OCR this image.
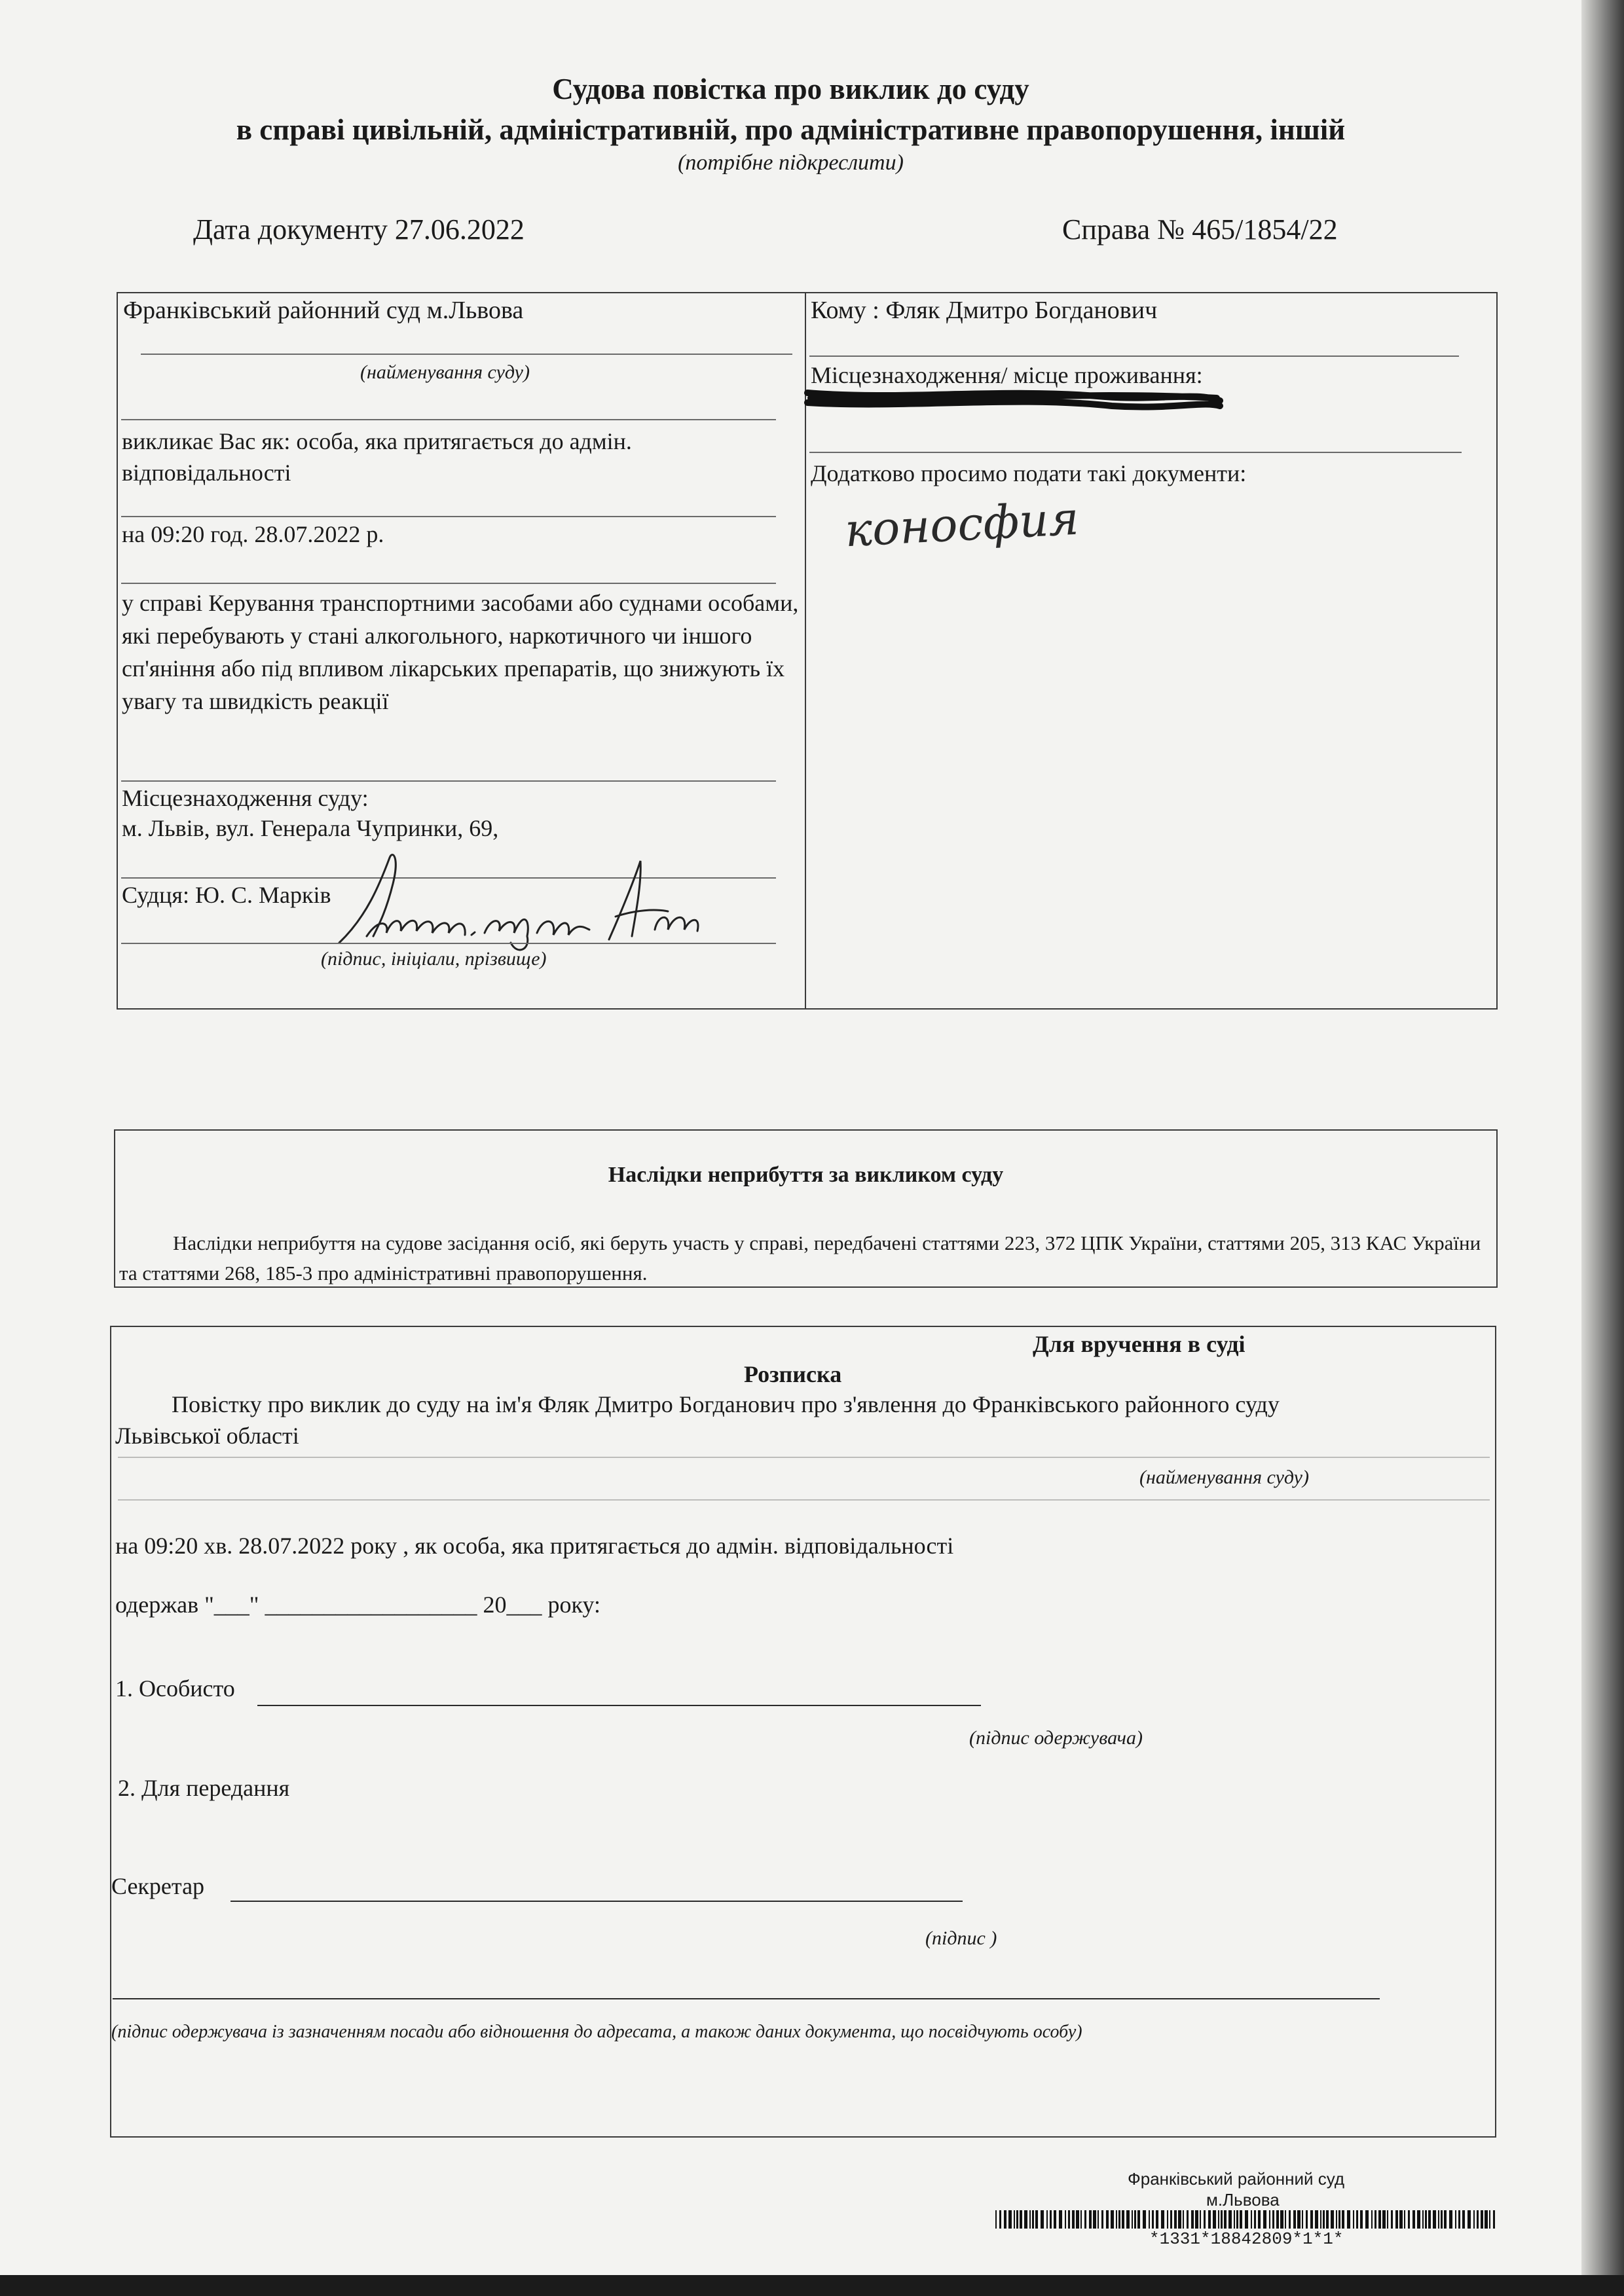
Судова повістка про виклик до суду
в справі цивільній, адміністративній, про адміністративне правопорушення, іншій
(потрібне підкреслити)
Дата документу 27.06.2022	Справа № 465/1854/22
Франківський районний суд м.Львова
(найменування суду)
викликає Вас як: особа, яка притягається до адмін. відповідальності
на 09:20 год. 28.07.2022 р.
у справі Керування транспортними засобами або суднами особами, які перебувають у стані алкогольного, наркотичного чи іншого сп'яніння або під впливом лікарських препаратів, що знижують їх увагу та швидкість реакції
Місцезнаходження суду:
м. Львів, вул. Генерала Чупринки, 69,
Судця: Ю. С. Марків
(підпис, ініціали, прізвище)
Кому : Фляк Дмитро Богданович
Місцезнаходження/ місце проживання:
Додатково просимо подати такі документи:
коносфия
Наслідки неприбуття за викликом суду
Наслідки неприбуття на судове засідання осіб, які беруть участь у справі, передбачені статтями 223, 372 ЦПК України, статтями 205, 313 КАС України та статтями 268, 185-3 про адміністративні правопорушення.
Для вручення в суді
Розписка
Повістку про виклик до суду на ім'я Фляк Дмитро Богданович про з'явлення до Франківського районного суду
Львівської області
(найменування суду)
на 09:20 хв. 28.07.2022 року , як особа, яка притягається до адмін. відповідальності
одержав "___" __________________ 20___ року:
1. Особисто
(підпис одержувача)
2. Для передання
Секретар
(підпис )
(підпис одержувача із зазначенням посади або відношення до адресата, а також даних документа, що посвідчують особу)
Франківський районний суд
м.Львова
*1331*18842809*1*1*
